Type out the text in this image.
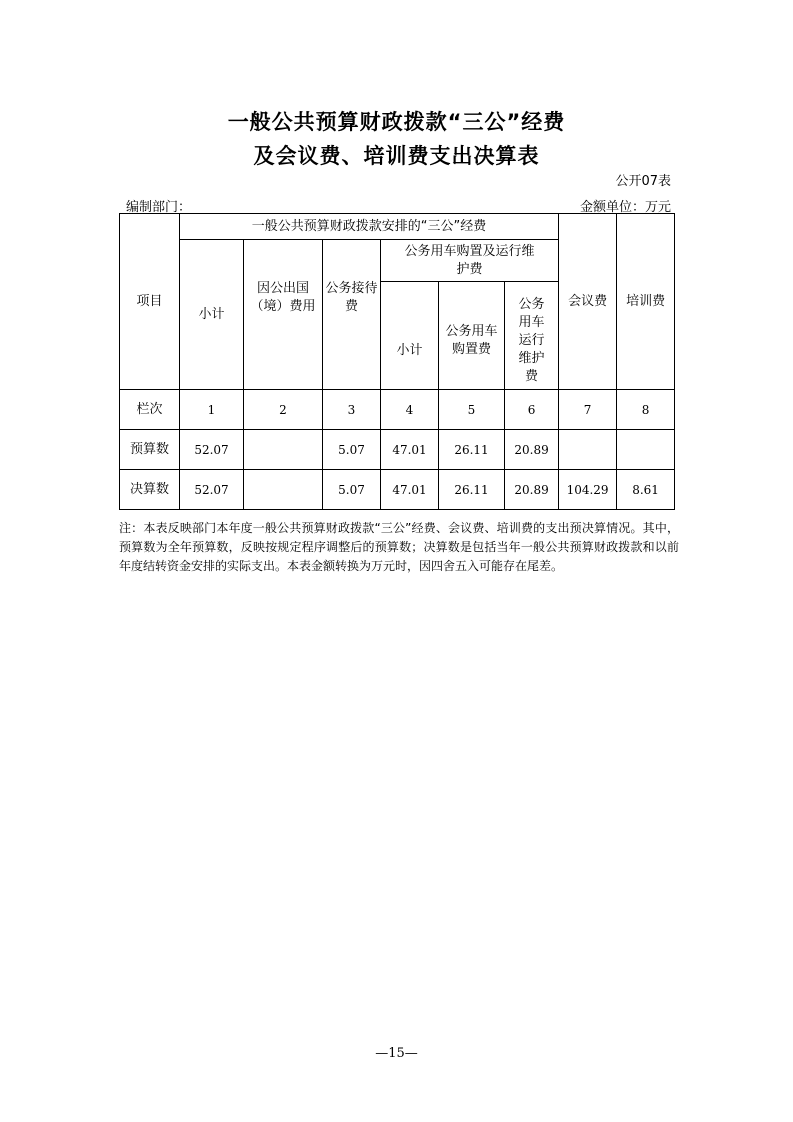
一般公共预算财政拨款“三公”经费
及会议费、培训费支出决算表
公开07表
编制部门：	金额单位：万元
项目	一般公共预算财政拨款安排的“三公”经费						会议费	培训费
	小计	因公出国（境）费用	公务接待费	公务用车购置及运行维护费				
				小计	公务用车购置费	公务用车运行维护费		

栏次	1	2	3	4	5	6	7	8
预算数	52.07		5.07	47.01	26.11	20.89		
决算数	52.07		5.07	47.01	26.11	20.89	104.29	8.61
注：本表反映部门本年度一般公共预算财政拨款“三公”经费、会议费、培训费的支出预决算情况。其中，预算数为全年预算数，反映按规定程序调整后的预算数；决算数是包括当年一般公共预算财政拨款和以前年度结转资金安排的实际支出。本表金额转换为万元时，因四舍五入可能存在尾差。
—15—
